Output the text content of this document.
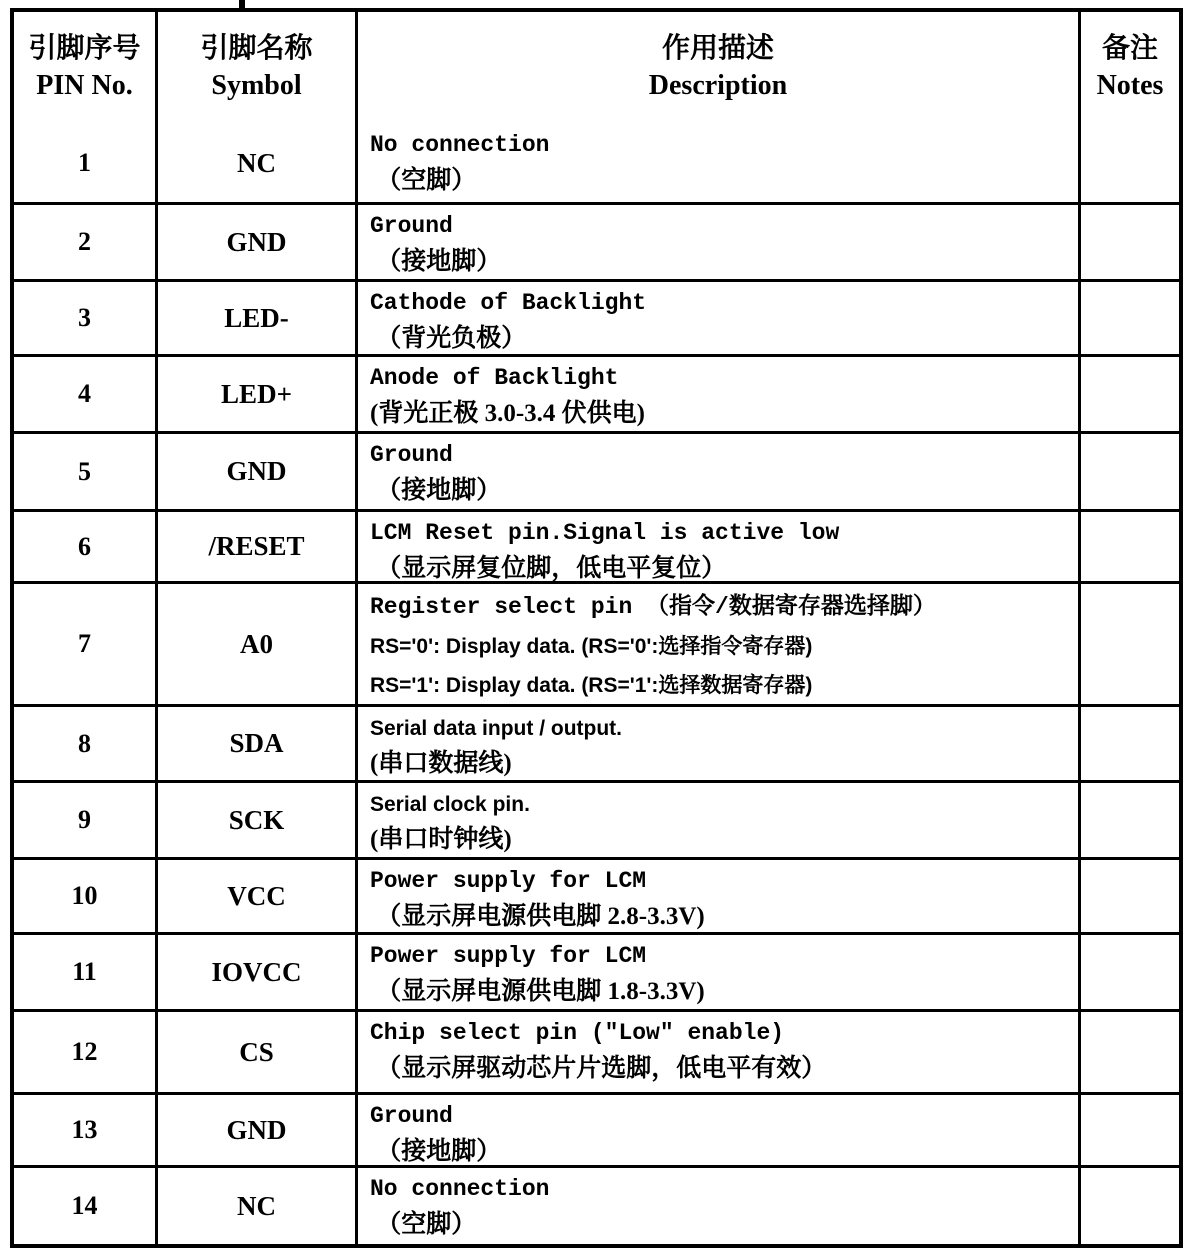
引脚序号
PIN No.
引脚名称
Symbol
作用描述
Description
备注
Notes
1	NC
No connection
（空脚）
2	GND
Ground
（接地脚）
3	LED-	Cathode of Backlight
（背光负极）
4	LED+
Anode of Backlight
(背光正极 3.0-3.4 伏供电)
5	GND
Ground
（接地脚）
6	/RESET	LCM Reset pin.Signal is active low
（显示屏复位脚，低电平复位）
7	A0
Register select pin （指令/数据寄存器选择脚）
RS='0': Display data. (RS='0':选择指令寄存器)
RS='1': Display data. (RS='1':选择数据寄存器)
8	SDA	Serial data input / output.
(串口数据线)
9	SCK	Serial clock pin.
(串口时钟线)
10	VCC	Power supply for LCM
（显示屏电源供电脚 2.8-3.3V)
11	IOVCC
Power supply for LCM
（显示屏电源供电脚 1.8-3.3V)
12	CS
Chip select pin ("Low" enable)
（显示屏驱动芯片片选脚，低电平有效）
13	GND	Ground
（接地脚）
14	NC
No connection
（空脚）
